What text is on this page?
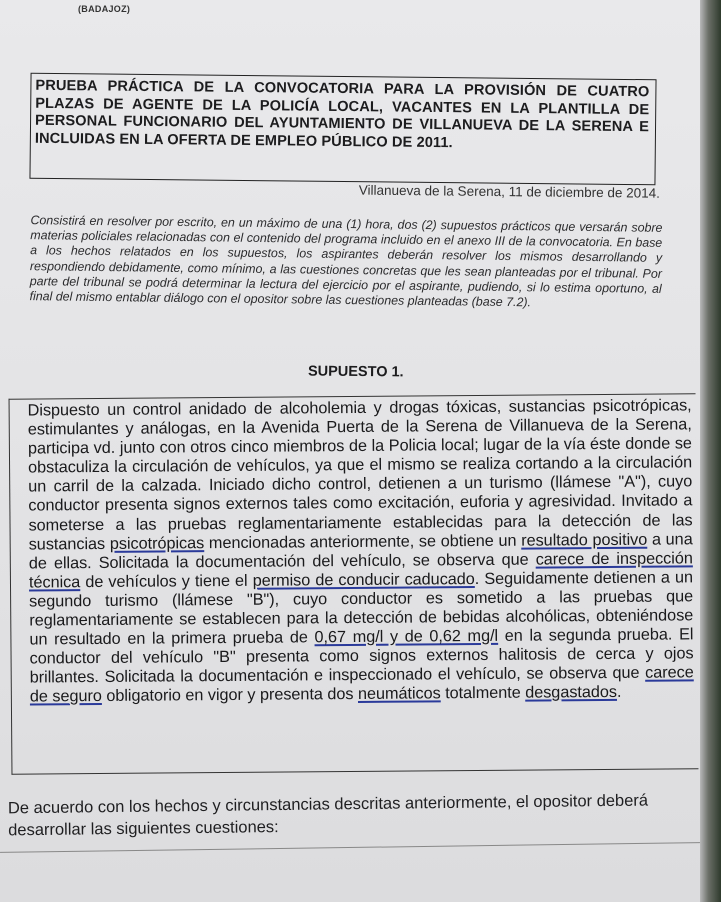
(BADAJOZ)

PRUEBA PRÁCTICA DE LA CONVOCATORIA PARA LA PROVISIÓN DE CUATRO PLAZAS DE AGENTE DE LA POLICÍA LOCAL, VACANTES EN LA PLANTILLA DE PERSONAL FUNCIONARIO DEL AYUNTAMIENTO DE VILLANUEVA DE LA SERENA E INCLUIDAS EN LA OFERTA DE EMPLEO PÚBLICO DE 2011.

Villanueva de la Serena, 11 de diciembre de 2014.

Consistirá en resolver por escrito, en un máximo de una (1) hora, dos (2) supuestos prácticos que versarán sobre materias policiales relacionadas con el contenido del programa incluido en el anexo III de la convocatoria. En base a los hechos relatados en los supuestos, los aspirantes deberán resolver los mismos desarrollando y respondiendo debidamente, como mínimo, a las cuestiones concretas que les sean planteadas por el tribunal. Por parte del tribunal se podrá determinar la lectura del ejercicio por el aspirante, pudiendo, si lo estima oportuno, al final del mismo entablar diálogo con el opositor sobre las cuestiones planteadas (base 7.2).

SUPUESTO 1.

Dispuesto un control anidado de alcoholemia y drogas tóxicas, sustancias psicotrópicas, estimulantes y análogas, en la Avenida Puerta de la Serena de Villanueva de la Serena, participa vd. junto con otros cinco miembros de la Policia local; lugar de la vía éste donde se obstaculiza la circulación de vehículos, ya que el mismo se realiza cortando a la circulación un carril de la calzada. Iniciado dicho control, detienen a un turismo (llámese "A"), cuyo conductor presenta signos externos tales como excitación, euforia y agresividad. Invitado a someterse a las pruebas reglamentariamente establecidas para la detección de las sustancias psicotrópicas mencionadas anteriormente, se obtiene un resultado positivo a una de ellas. Solicitada la documentación del vehículo, se observa que carece de inspección técnica de vehículos y tiene el permiso de conducir caducado. Seguidamente detienen a un segundo turismo (llámese "B"), cuyo conductor es sometido a las pruebas que reglamentariamente se establecen para la detección de bebidas alcohólicas, obteniéndose un resultado en la primera prueba de 0,67 mg/l y de 0,62 mg/l en la segunda prueba. El conductor del vehículo "B" presenta como signos externos halitosis de cerca y ojos brillantes. Solicitada la documentación e inspeccionado el vehículo, se observa que carece de seguro obligatorio en vigor y presenta dos neumáticos totalmente desgastados.

De acuerdo con los hechos y circunstancias descritas anteriormente, el opositor deberá desarrollar las siguientes cuestiones:
